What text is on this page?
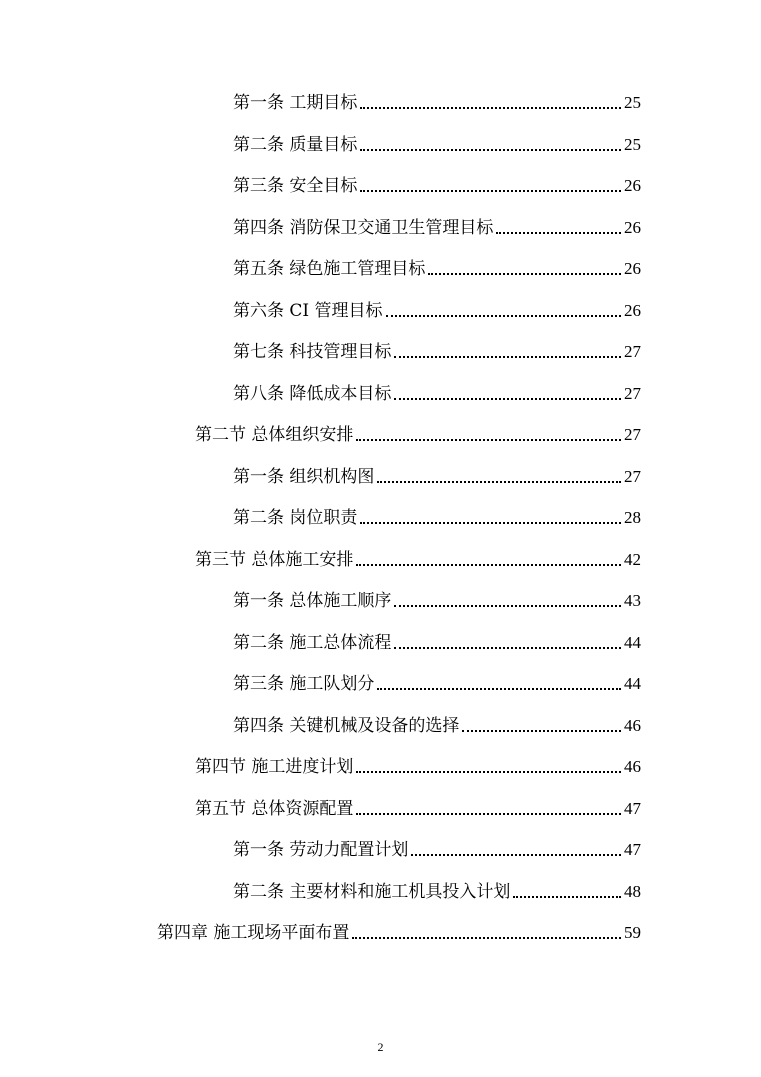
第一条 工期目标	25
第二条 质量目标	25
第三条 安全目标	26
第四条 消防保卫交通卫生管理目标	26
第五条 绿色施工管理目标	26
第六条 CI 管理目标	26
第七条 科技管理目标	27
第八条 降低成本目标	27
第二节 总体组织安排	27
第一条 组织机构图	27
第二条 岗位职责	28
第三节 总体施工安排	42
第一条 总体施工顺序	43
第二条 施工总体流程	44
第三条 施工队划分	44
第四条 关键机械及设备的选择	46
第四节 施工进度计划	46
第五节 总体资源配置	47
第一条 劳动力配置计划	47
第二条 主要材料和施工机具投入计划	48
第四章 施工现场平面布置	59
2
